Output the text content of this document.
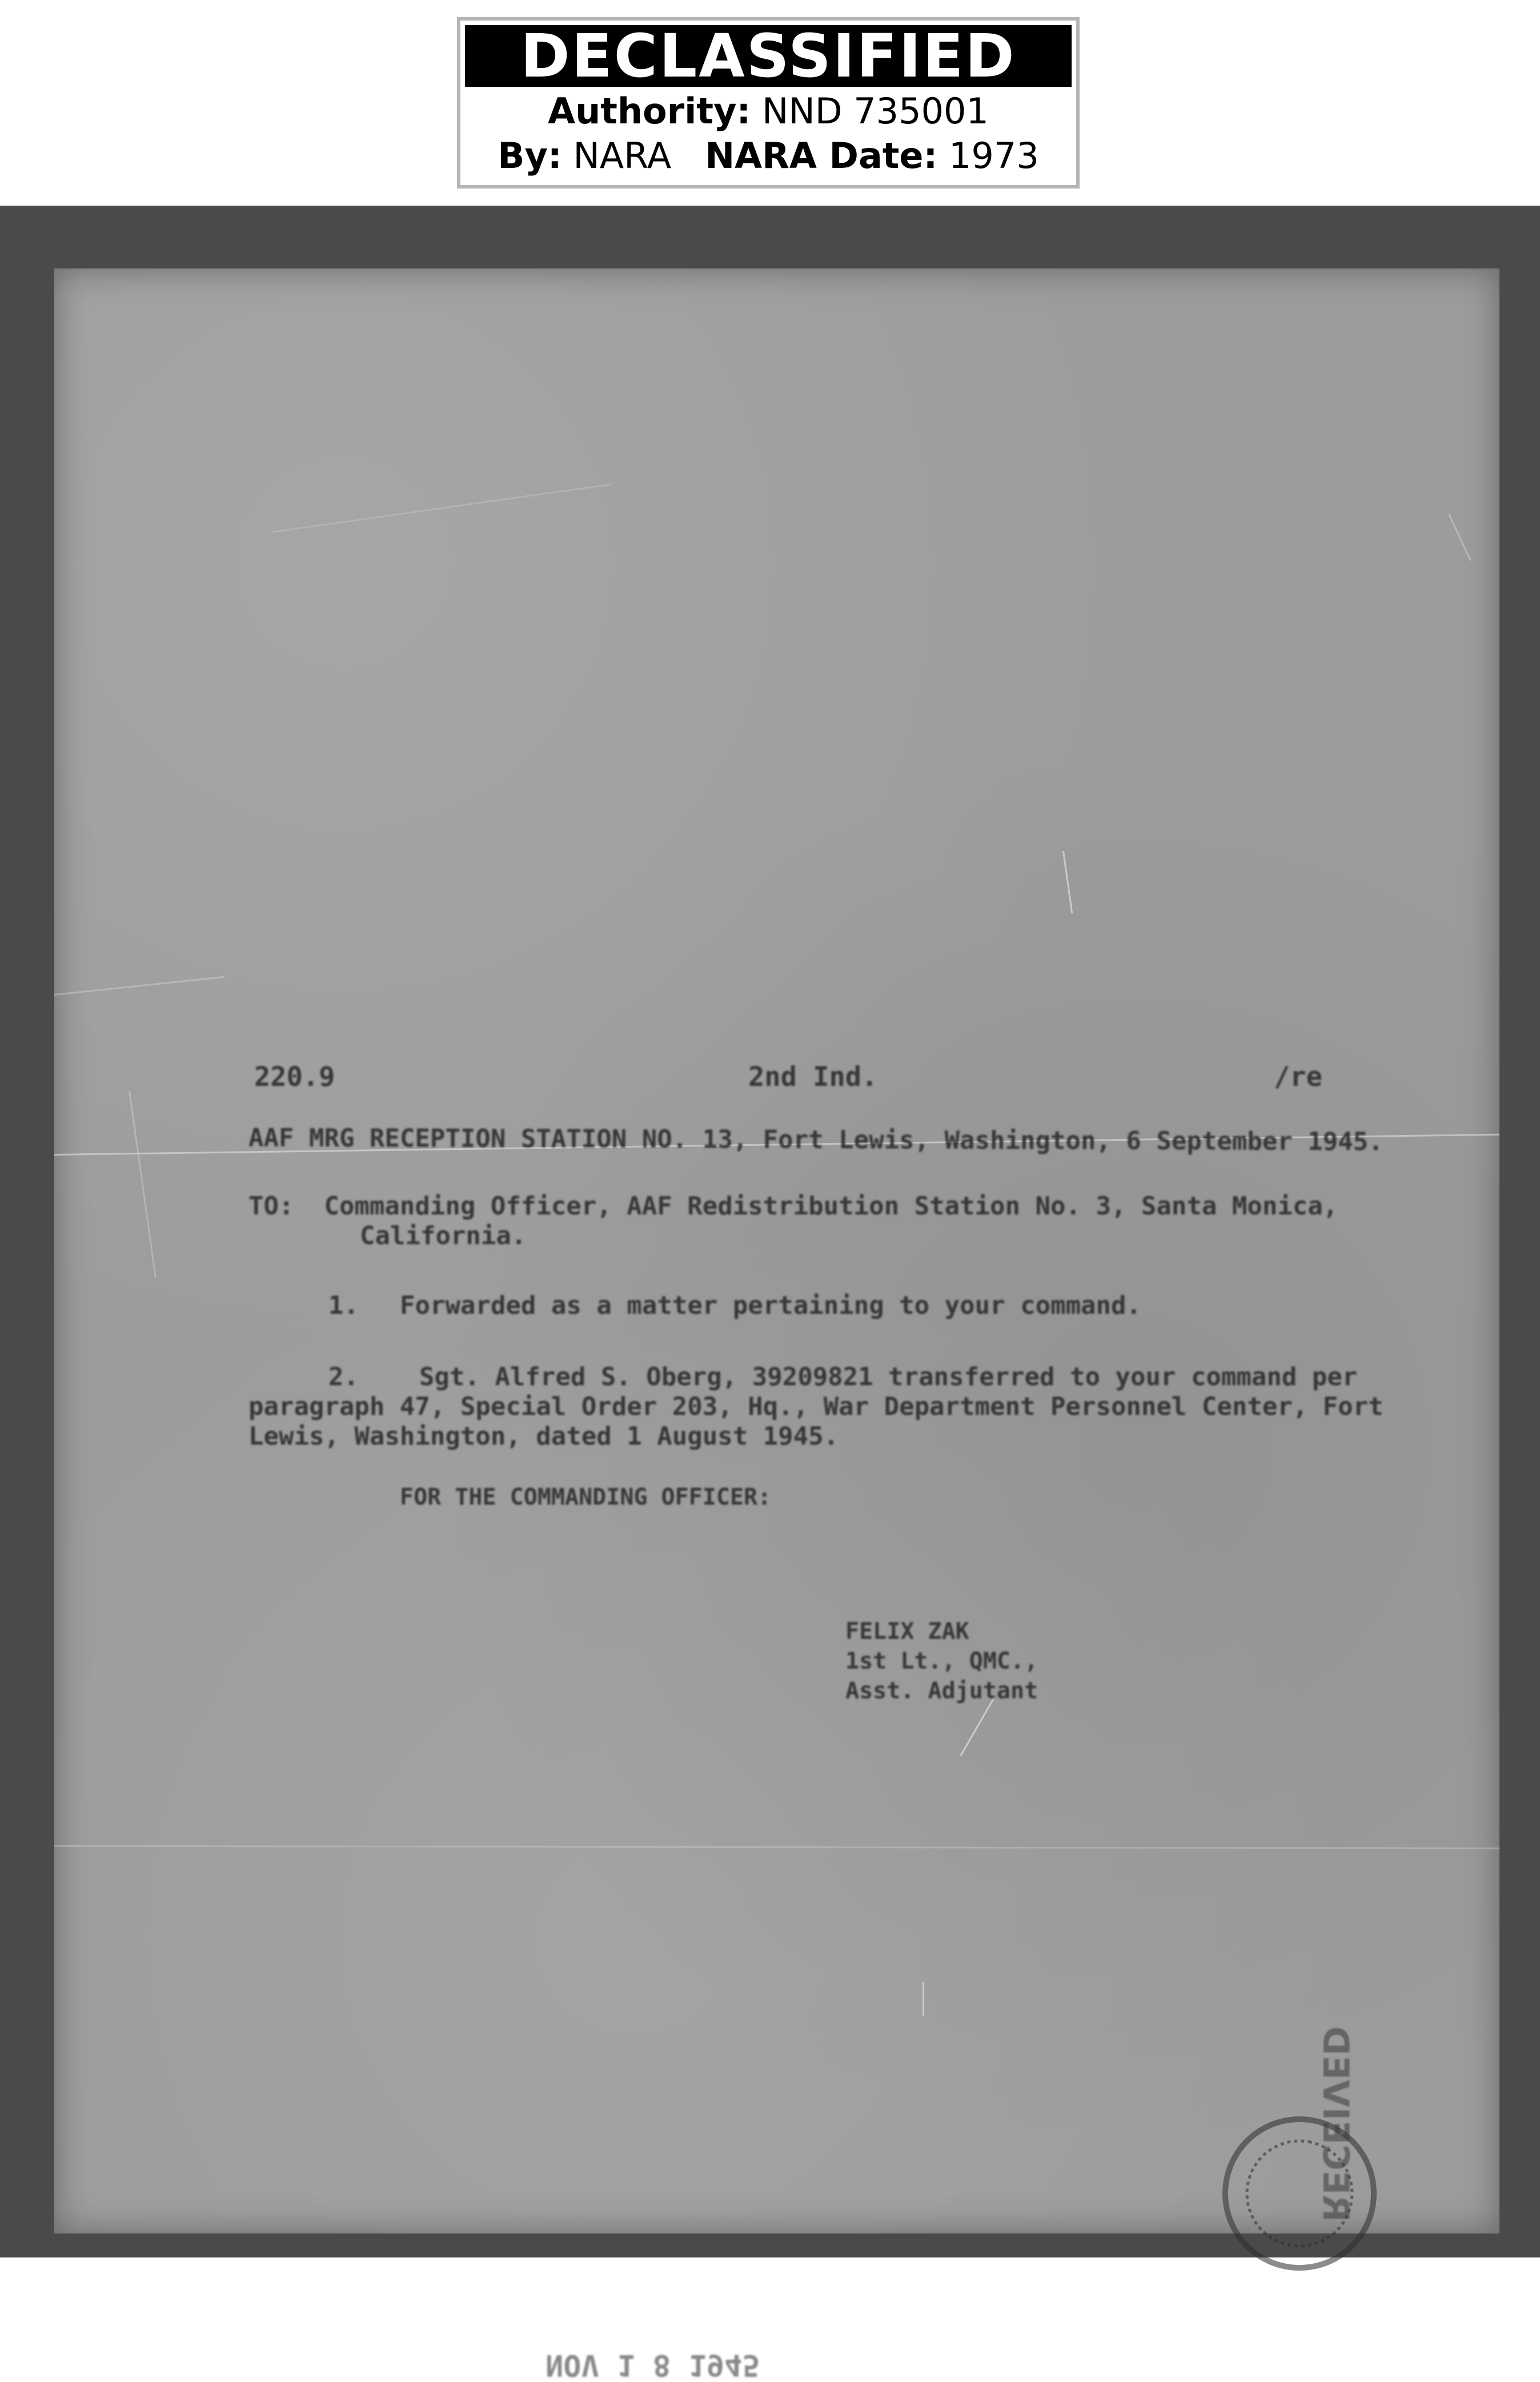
DECLASSIFIED
Authority: NND 735001
By: NARA NARA Date: 1973
220.9	2nd Ind.	/re
AAF MRG RECEPTION STATION NO. 13, Fort Lewis, Washington, 6 September 1945.
TO:  Commanding Officer, AAF Redistribution Station No. 3, Santa Monica,
California.
1. Forwarded as a matter pertaining to your command.
2.    Sgt. Alfred S. Oberg, 39209821 transferred to your command per
paragraph 47, Special Order 203, Hq., War Department Personnel Center, Fort
Lewis, Washington, dated 1 August 1945.
FOR THE COMMANDING OFFICER:
FELIX ZAK
1st Lt., QMC.,
Asst. Adjutant
RECEIVED
NOV 1 8 1945
